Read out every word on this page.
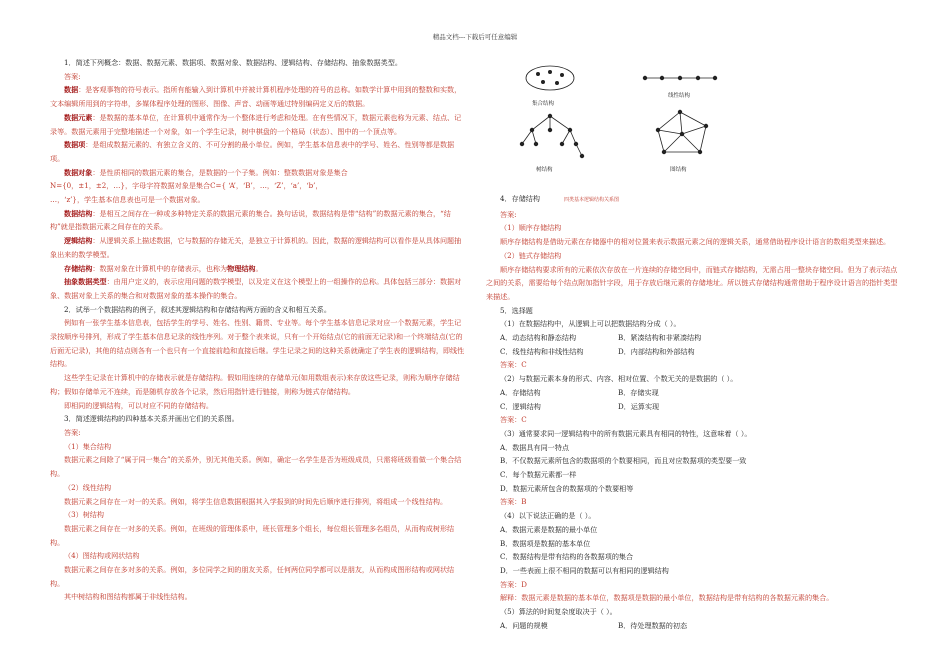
精品文档---下载后可任意编辑

1．简述下列概念：数据、数据元素、数据项、数据对象、数据结构、逻辑结构、存储结构、抽象数据类型。

答案:

数据：是客观事物的符号表示。指所有能输入到计算机中并被计算机程序处理的符号的总称。如数学计算中用到的整数和实数，文本编辑所用到的字符串，多媒体程序处理的图形、图像、声音、动画等通过特别编码定义后的数据。

数据元素：是数据的基本单位，在计算机中通常作为一个整体进行考虑和处理。在有些情况下，数据元素也称为元素、结点、记录等。数据元素用于完整地描述一个对象，如一个学生记录，树中棋盘的一个格局（状态）、图中的一个顶点等。

数据项：是组成数据元素的、有独立含义的、不可分割的最小单位。例如，学生基本信息表中的学号、姓名、性别等都是数据项。

数据对象：是性质相同的数据元素的集合，是数据的一个子集。例如：整数数据对象是集合

N={0，±1，±2，…}，字母字符数据对象是集合C={ ‘A’，‘B’，…，‘Z’，‘a’，‘b’，

…，‘z’}，学生基本信息表也可是一个数据对象。

数据结构：是相互之间存在一种或多种特定关系的数据元素的集合。换句话说，数据结构是带“结构”的数据元素的集合，“结构”就是指数据元素之间存在的关系。

逻辑结构：从逻辑关系上描述数据，它与数据的存储无关，是独立于计算机的。因此，数据的逻辑结构可以看作是从具体问题抽象出来的数学模型。

存储结构：数据对象在计算机中的存储表示，也称为物理结构。

抽象数据类型：由用户定义的，表示应用问题的数学模型，以及定义在这个模型上的一组操作的总称。具体包括三部分：数据对象、数据对象上关系的集合和对数据对象的基本操作的集合。

2．试举一个数据结构的例子，叙述其逻辑结构和存储结构两方面的含义和相互关系。

例如有一张学生基本信息表，包括学生的学号、姓名、性别、籍贯、专业等。每个学生基本信息记录对应一个数据元素，学生记录按顺序号排列，形成了学生基本信息记录的线性序列。对于整个表来说，只有一个开始结点(它的前面无记录)和一个终端结点(它的后面无记录)，其他的结点则各有一个也只有一个直接前趋和直接后继。学生记录之间的这种关系就确定了学生表的逻辑结构，即线性结构。

这些学生记录在计算机中的存储表示就是存储结构。假如用连续的存储单元(如用数组表示)来存放这些记录，则称为顺序存储结构；假如存储单元不连续，而是随机存放各个记录，然后用指针进行链接，则称为链式存储结构。

即相同的逻辑结构，可以对应不同的存储结构。

3．简述逻辑结构的四种基本关系并画出它们的关系图。

答案:

（1）集合结构

数据元素之间除了“属于同一集合”的关系外，别无其他关系。例如，确定一名学生是否为班级成员，只需将班级看做一个集合结构。

（2）线性结构

数据元素之间存在一对一的关系。例如，将学生信息数据根据其入学报到的时间先后顺序进行排列，将组成一个线性结构。

（3）树结构

数据元素之间存在一对多的关系。例如，在班级的管理体系中，班长管理多个组长，每位组长管理多名组员，从而构成树形结构。

（4）图结构或网状结构

数据元素之间存在多对多的关系。例如，多位同学之间的朋友关系，任何两位同学都可以是朋友，从而构成图形结构或网状结构。

其中树结构和图结构都属于非线性结构。

集合结构
线性结构
树结构	图结构

4．存储结构	四类基本逻辑结构关系图

答案:

（1）顺序存储结构

顺序存储结构是借助元素在存储器中的相对位置来表示数据元素之间的逻辑关系，通常借助程序设计语言的数组类型来描述。

（2）链式存储结构

顺序存储结构要求所有的元素依次存放在一片连续的存储空间中，而链式存储结构，无需占用一整块存储空间。但为了表示结点之间的关系，需要给每个结点附加指针字段，用于存放后继元素的存储地址。所以链式存储结构通常借助于程序设计语言的指针类型来描述。

5．选择题

（1）在数据结构中，从逻辑上可以把数据结构分成（ ）。

A．动态结构和静态结构	B．紧凑结构和非紧凑结构

C．线性结构和非线性结构	D．内部结构和外部结构

答案：C

（2）与数据元素本身的形式、内容、相对位置、个数无关的是数据的（ ）。

A．存储结构	B．存储实现

C．逻辑结构	D．运算实现

答案：C

（3）通常要求同一逻辑结构中的所有数据元素具有相同的特性，这意味着（ ）。

A．数据具有同一特点

B．不仅数据元素所包含的数据项的个数要相同，而且对应数据项的类型要一致

C．每个数据元素都一样

D．数据元素所包含的数据项的个数要相等

答案：B

（4）以下说法正确的是（ ）。

A．数据元素是数据的最小单位

B．数据项是数据的基本单位

C．数据结构是带有结构的各数据项的集合

D．一些表面上很不相同的数据可以有相同的逻辑结构

答案：D

解释：数据元素是数据的基本单位，数据项是数据的最小单位，数据结构是带有结构的各数据元素的集合。

（5）算法的时间复杂度取决于（ ）。

A．问题的规模	B．待处理数据的初态
